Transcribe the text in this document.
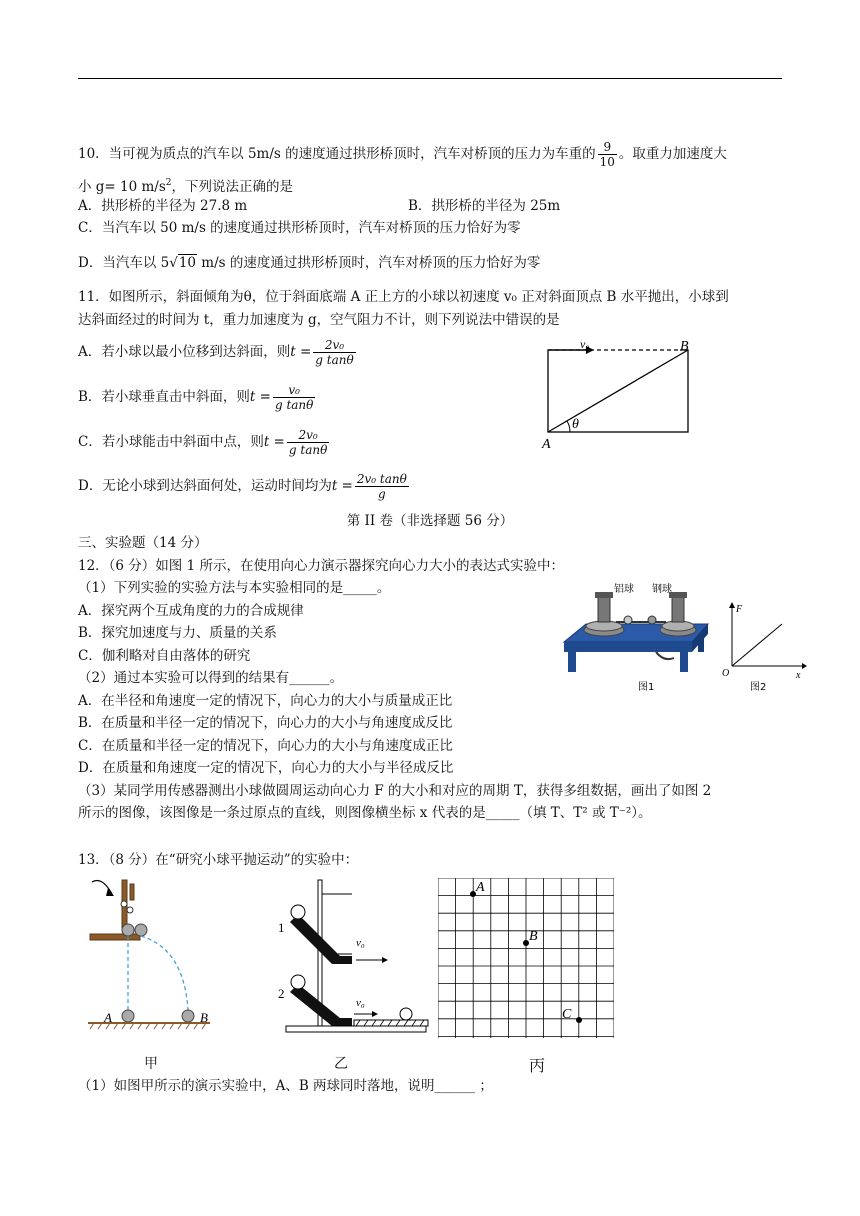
10．当可视为质点的汽车以 5m/s 的速度通过拱形桥顶时，汽车对桥顶的压力为车重的 $\frac{9}{10}$ 。取重力加速度大
小 g= 10 $m/s^2$，下列说法正确的是
A．拱形桥的半径为 27.8 m	B．拱形桥的半径为 25m
C．当汽车以 50 m/s 的速度通过拱形桥顶时，汽车对桥顶的压力恰好为零
D．当汽车以 5√10 m/s 的速度通过拱形桥顶时，汽车对桥顶的压力恰好为零
11．如图所示，斜面倾角为θ，位于斜面底端 A 正上方的小球以初速度 v₀ 正对斜面顶点 B 水平抛出，小球到
达斜面经过的时间为 t，重力加速度为 g，空气阻力不计，则下列说法中错误的是
A．若小球以最小位移到达斜面，则$t = \frac{\text{2v₀}}{\text{g tanθ}}$
B．若小球垂直击中斜面，则$t = \frac{\text{v₀}}{\text{g tanθ}}$
C．若小球能击中斜面中点，则$t = \frac{\text{2v₀}}{\text{g tanθ}}$
D．无论小球到达斜面何处，运动时间均为$t = \frac{\text{2v₀ tanθ}}{g}$
v₀	B
A
θ
第 II 卷（非选择题 56 分）
三、实验题（14 分）
12．（6 分）如图 1 所示，在使用向心力演示器探究向心力大小的表达式实验中：
（1）下列实验的实验方法与本实验相同的是_____。
A．探究两个互成角度的力的合成规律
B．探究加速度与力、质量的关系
C．伽利略对自由落体的研究
（2）通过本实验可以得到的结果有______。
A．在半径和角速度一定的情况下，向心力的大小与质量成正比
B．在质量和半径一定的情况下，向心力的大小与角速度成反比
C．在质量和半径一定的情况下，向心力的大小与角速度成正比
D．在质量和角速度一定的情况下，向心力的大小与半径成反比
（3）某同学用传感器测出小球做圆周运动向心力 F 的大小和对应的周期 T，获得多组数据，画出了如图 2
所示的图像，该图像是一条过原点的直线，则图像横坐标 x 代表的是_____（填 T、T² 或 T⁻²）。
铝球 钢球
图1
F
O	x
图2
13．（8 分）在“研究小球平抛运动”的实验中：
A	B
甲
1
2
v₀
v₀
乙
A
B
C
丙
（1）如图甲所示的演示实验中，A、B 两球同时落地，说明______ ；
